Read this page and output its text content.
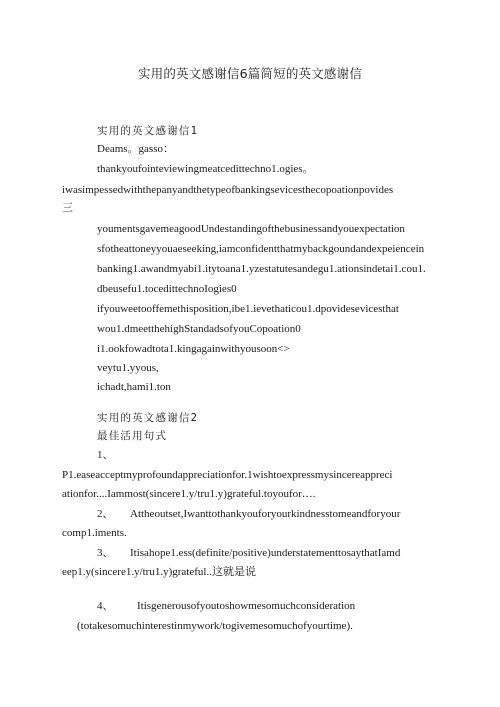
实用的英文感谢信6篇简短的英文感谢信
实用的英文感谢信1
Deams。gasso：
thankyoufointeviewingmeatcedittechno1.ogies。
iwasimpessedwiththepanyandthetypeofbankingsevicesthecopoationpovides
三
youmentsgavemeagoodUndestandingofthebusinessandyouexpectation
sfotheattoneyyouaeseeking,iamconfidentthatmybackgoundandexpeiencein
banking1.awandmyabi1.itytoana1.yzestatutesandegu1.ationsindetai1.cou1.
dbeusefu1.tocedittechnoIogies0
ifyouweetooffemethisposition,ibe1.ievethaticou1.dpovidesevicesthat
wou1.dmeetthehighStandadsofyouCopoation0
i1.ookfowadtota1.kingagainwithyousoon<>
veytu1.yyous,
ichadt,hami1.ton
实用的英文感谢信2
最佳活用句式
1、
P1.easeacceptmyprofoundappreciationfor.1wishtoexpressmysincereappreci
ationfor....Iammost(sincere1.y/tru1.y)grateful.toyoufor….
2、 Attheoutset,Iwanttothankyouforyourkindnesstomeandforyour
comp1.iments.
3、 Itisahope1.ess(definite/positive)understatementtosaythatIamd
eep1.y(sincere1.y/tru1.y)grateful..这就是说
4、 Itisgenerousofyoutoshowmesomuchconsideration
(totakesomuchinterestinmywork/togivemesomuchofyourtime).
